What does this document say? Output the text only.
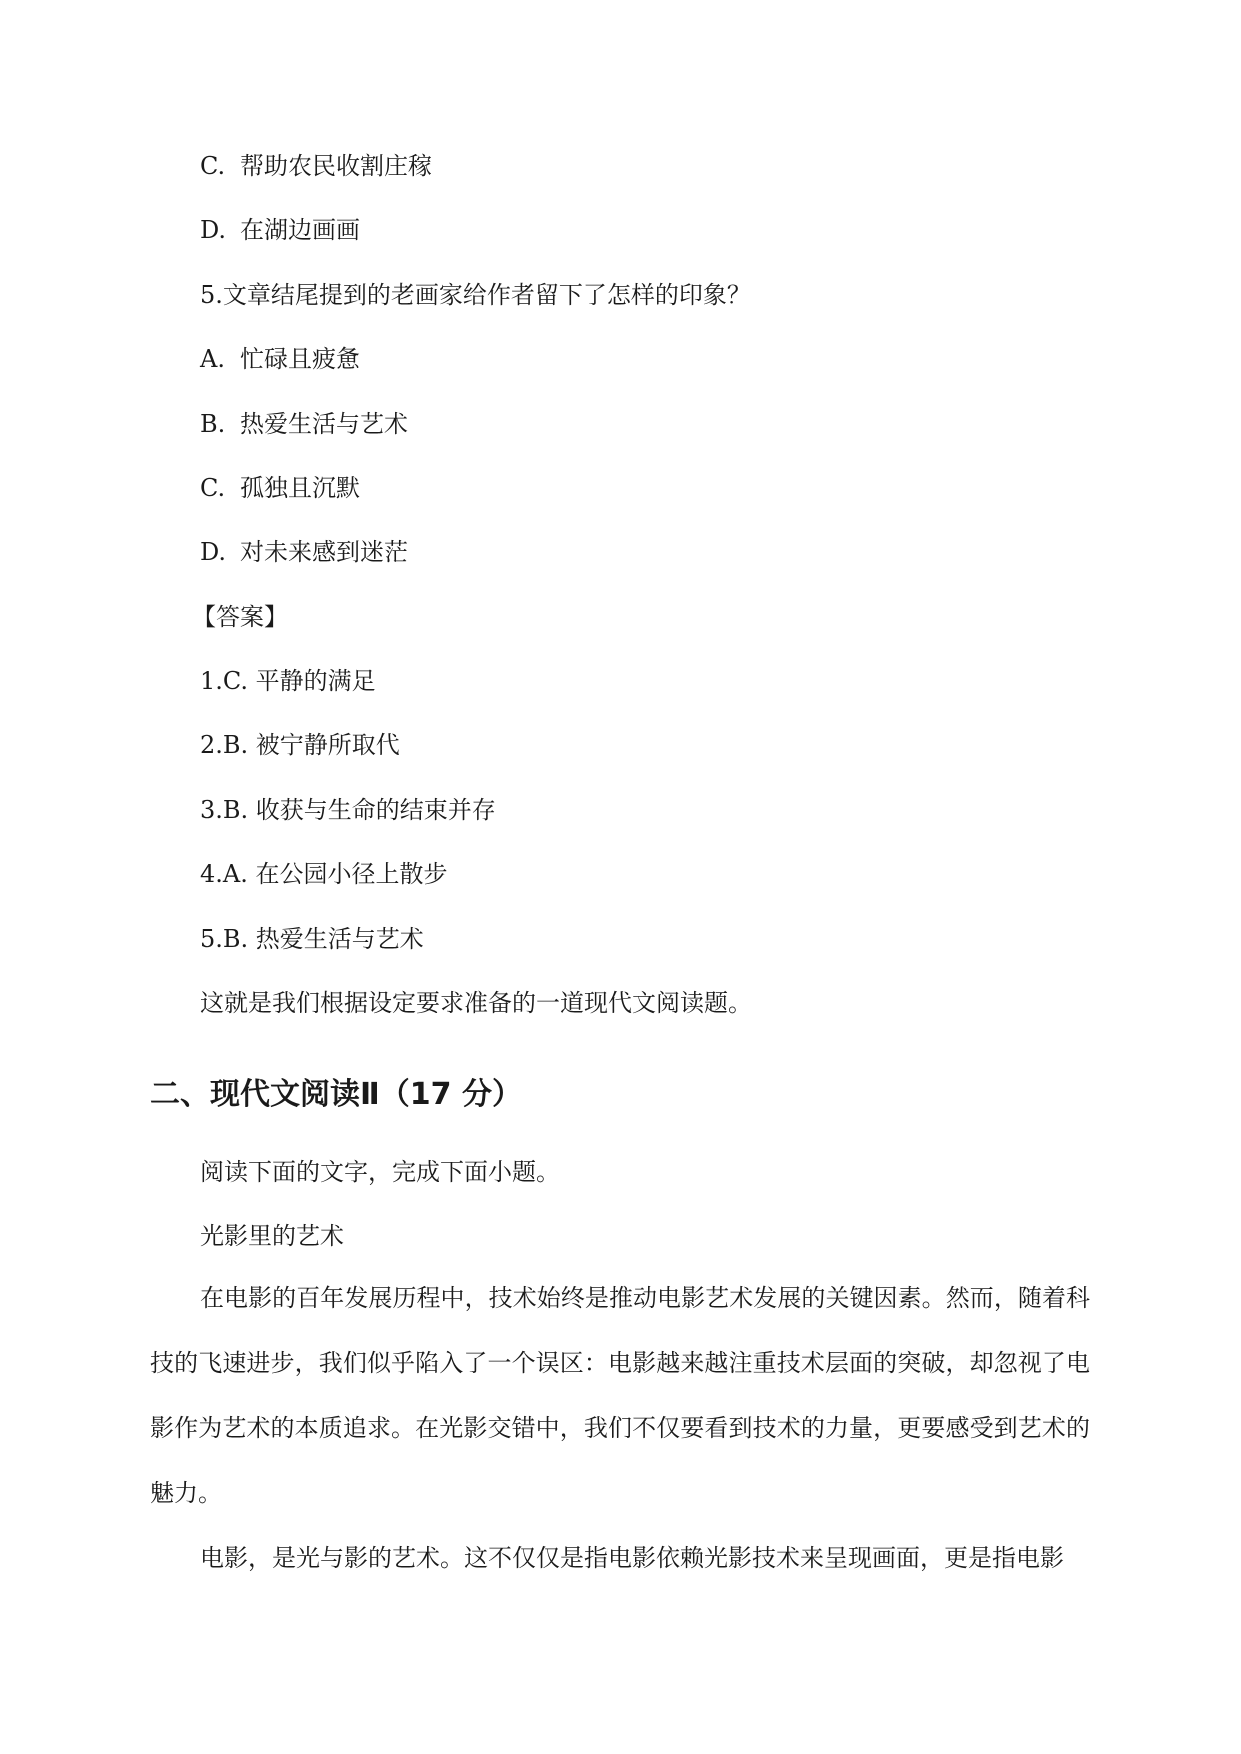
C. 帮助农民收割庄稼
D. 在湖边画画
5.文章结尾提到的老画家给作者留下了怎样的印象？
A. 忙碌且疲惫
B. 热爱生活与艺术
C. 孤独且沉默
D. 对未来感到迷茫
【答案】
1.C. 平静的满足
2.B. 被宁静所取代
3.B. 收获与生命的结束并存
4.A. 在公园小径上散步
5.B. 热爱生活与艺术
这就是我们根据设定要求准备的一道现代文阅读题。
二、现代文阅读Ⅱ（17 分）
阅读下面的文字，完成下面小题。
光影里的艺术
在电影的百年发展历程中，技术始终是推动电影艺术发展的关键因素。然而，随着科技的飞速进步，我们似乎陷入了一个误区：电影越来越注重技术层面的突破，却忽视了电影作为艺术的本质追求。在光影交错中，我们不仅要看到技术的力量，更要感受到艺术的魅力。
电影，是光与影的艺术。这不仅仅是指电影依赖光影技术来呈现画面，更是指电影
